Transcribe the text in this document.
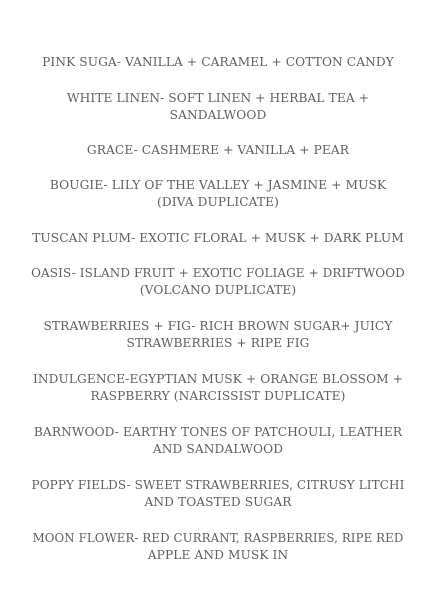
PINK SUGA- VANILLA + CARAMEL + COTTON CANDY
WHITE LINEN- SOFT LINEN + HERBAL TEA +
SANDALWOOD
GRACE- CASHMERE + VANILLA + PEAR
BOUGIE- LILY OF THE VALLEY + JASMINE + MUSK
(DIVA DUPLICATE)
TUSCAN PLUM- EXOTIC FLORAL + MUSK + DARK PLUM
OASIS- ISLAND FRUIT + EXOTIC FOLIAGE + DRIFTWOOD
(VOLCANO DUPLICATE)
STRAWBERRIES + FIG- RICH BROWN SUGAR+ JUICY
STRAWBERRIES + RIPE FIG
INDULGENCE-EGYPTIAN MUSK + ORANGE BLOSSOM +
RASPBERRY (NARCISSIST DUPLICATE)
BARNWOOD- EARTHY TONES OF PATCHOULI, LEATHER
AND SANDALWOOD
POPPY FIELDS- SWEET STRAWBERRIES, CITRUSY LITCHI
AND TOASTED SUGAR
MOON FLOWER- RED CURRANT, RASPBERRIES, RIPE RED
APPLE AND MUSK IN
